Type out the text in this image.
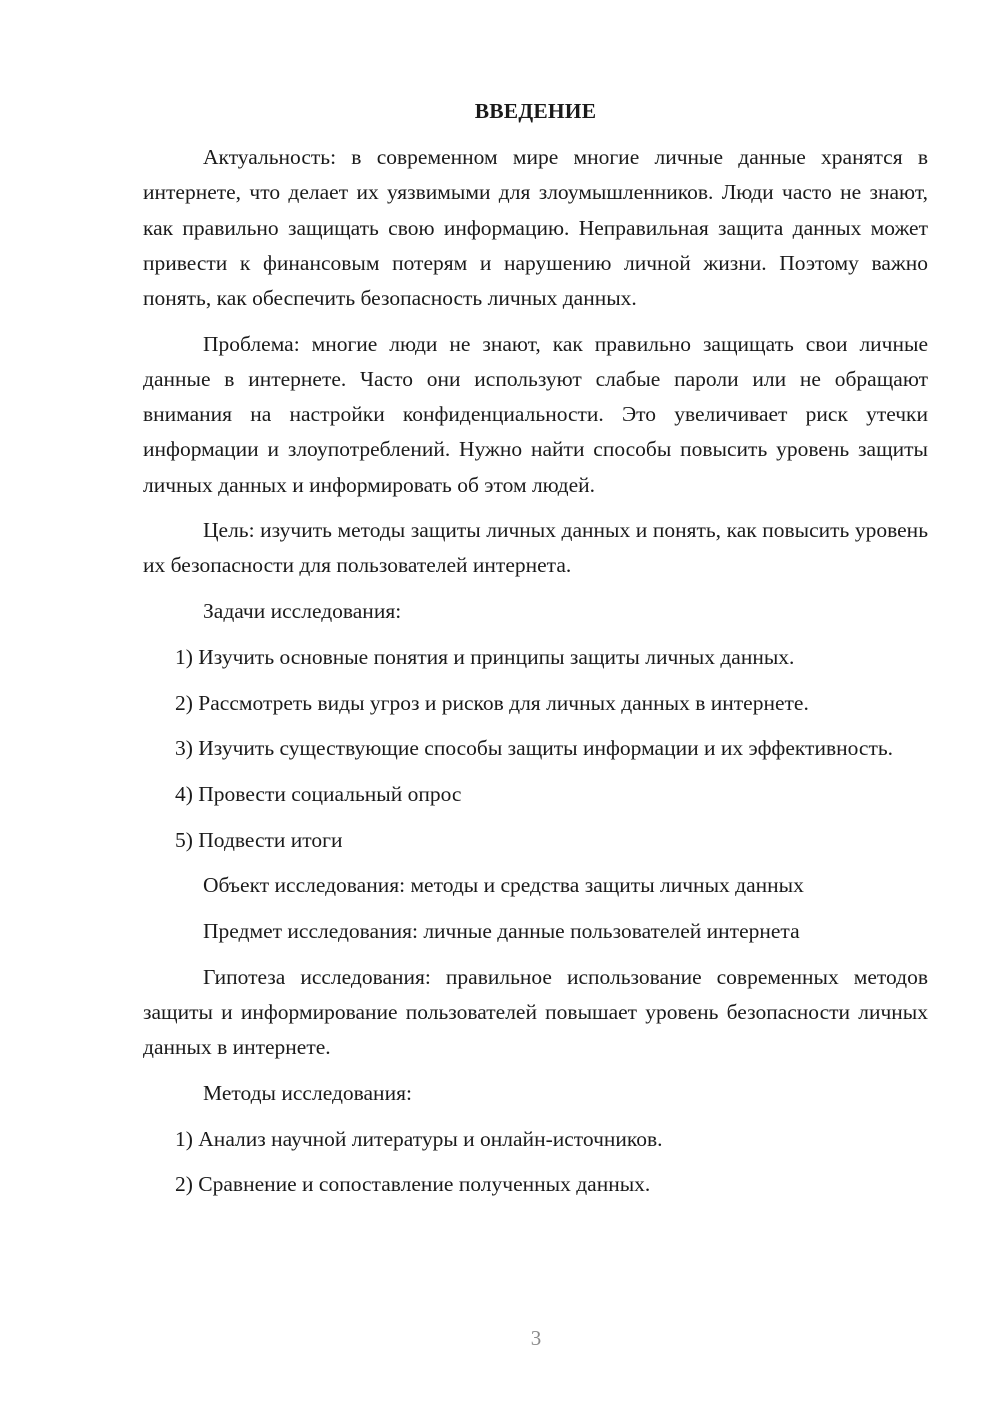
ВВЕДЕНИЕ

Актуальность: в современном мире многие личные данные хранятся в интернете, что делает их уязвимыми для злоумышленников. Люди часто не знают, как правильно защищать свою информацию. Неправильная защита данных может привести к финансовым потерям и нарушению личной жизни. Поэтому важно понять, как обеспечить безопасность личных данных.

Проблема: многие люди не знают, как правильно защищать свои личные данные в интернете. Часто они используют слабые пароли или не обращают внимания на настройки конфиденциальности. Это увеличивает риск утечки информации и злоупотреблений. Нужно найти способы повысить уровень защиты личных данных и информировать об этом людей.

Цель: изучить методы защиты личных данных и понять, как повысить уровень их безопасности для пользователей интернета.

Задачи исследования:

1) Изучить основные понятия и принципы защиты личных данных.

2) Рассмотреть виды угроз и рисков для личных данных в интернете.

3) Изучить существующие способы защиты информации и их эффективность.

4) Провести социальный опрос

5) Подвести итоги

Объект исследования: методы и средства защиты личных данных

Предмет исследования: личные данные пользователей интернета

Гипотеза исследования: правильное использование современных методов защиты и информирование пользователей повышает уровень безопасности личных данных в интернете.

Методы исследования:

1) Анализ научной литературы и онлайн-источников.

2) Сравнение и сопоставление полученных данных.

3
